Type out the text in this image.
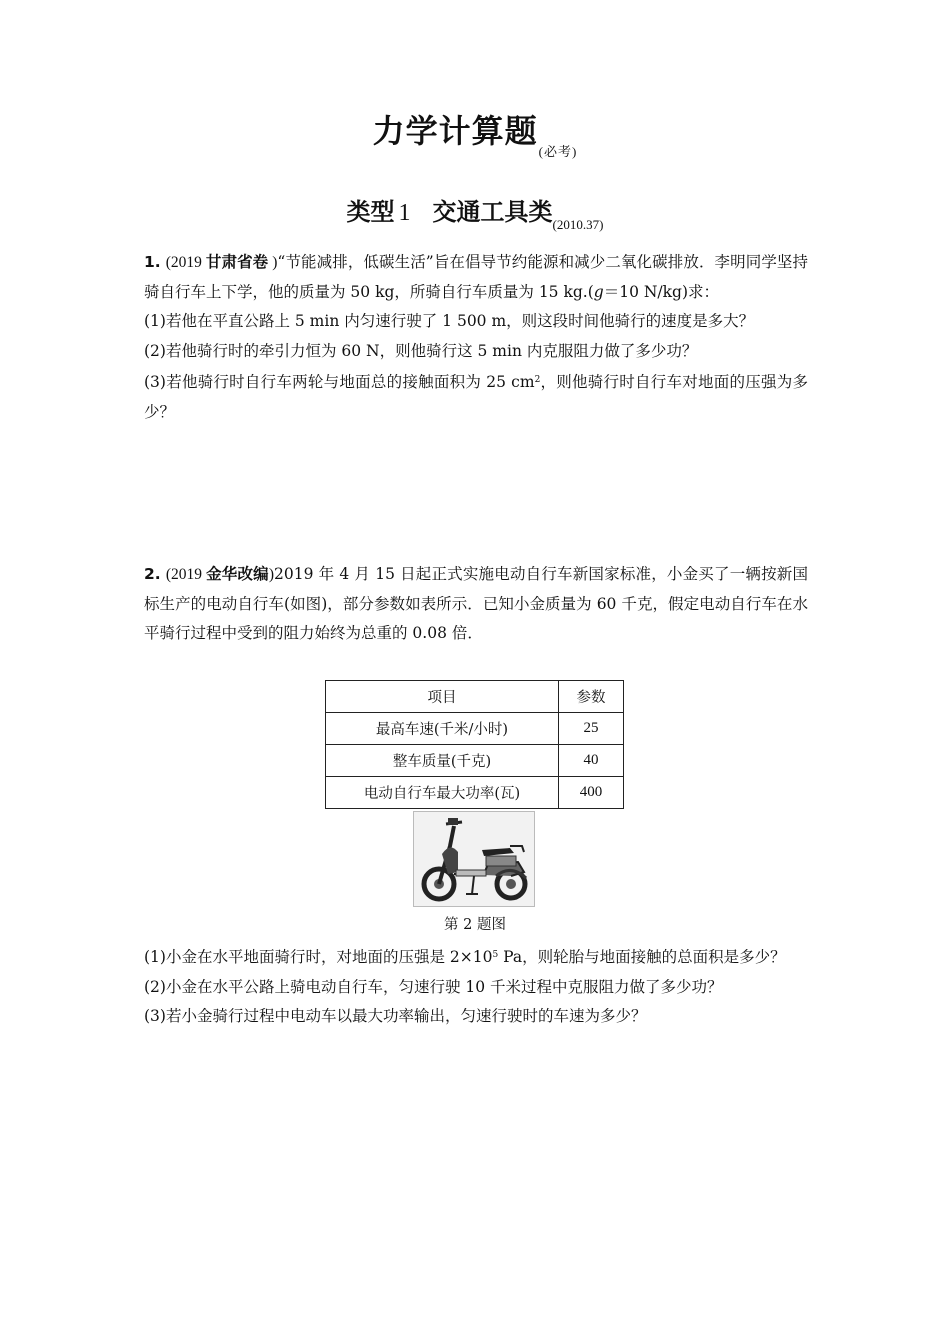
力学计算题$_{(必考)}$
类型 1 交通工具类$_{(2010.37)}$

1. (2019 甘肃省卷 )“节能减排，低碳生活”旨在倡导节约能源和减少二氧化碳排放．李明同学坚持骑自行车上下学，他的质量为 50 kg，所骑自行车质量为 15 kg.(g＝10 N/kg)求：

(1)若他在平直公路上 5 min 内匀速行驶了 1 500 m，则这段时间他骑行的速度是多大？

(2)若他骑行时的牵引力恒为 60 N，则他骑行这 5 min 内克服阻力做了多少功？

(3)若他骑行时自行车两轮与地面总的接触面积为 25 $cm^2$，则他骑行时自行车对地面的压强为多少？

2. (2019 金华改编)2019 年 4 月 15 日起正式实施电动自行车新国家标准，小金买了一辆按新国标生产的电动自行车(如图)，部分参数如表所示．已知小金质量为 60 千克，假定电动自行车在水平骑行过程中受到的阻力始终为总重的 0.08 倍．

项目	参数
最高车速(千米/小时)	25
整车质量(千克)	40
电动自行车最大功率(瓦)	400
第 2 题图

(1)小金在水平地面骑行时，对地面的压强是 $2\times 10^5$ Pa，则轮胎与地面接触的总面积是多少？

(2)小金在水平公路上骑电动自行车，匀速行驶 10 千米过程中克服阻力做了多少功？

(3)若小金骑行过程中电动车以最大功率输出，匀速行驶时的车速为多少？
